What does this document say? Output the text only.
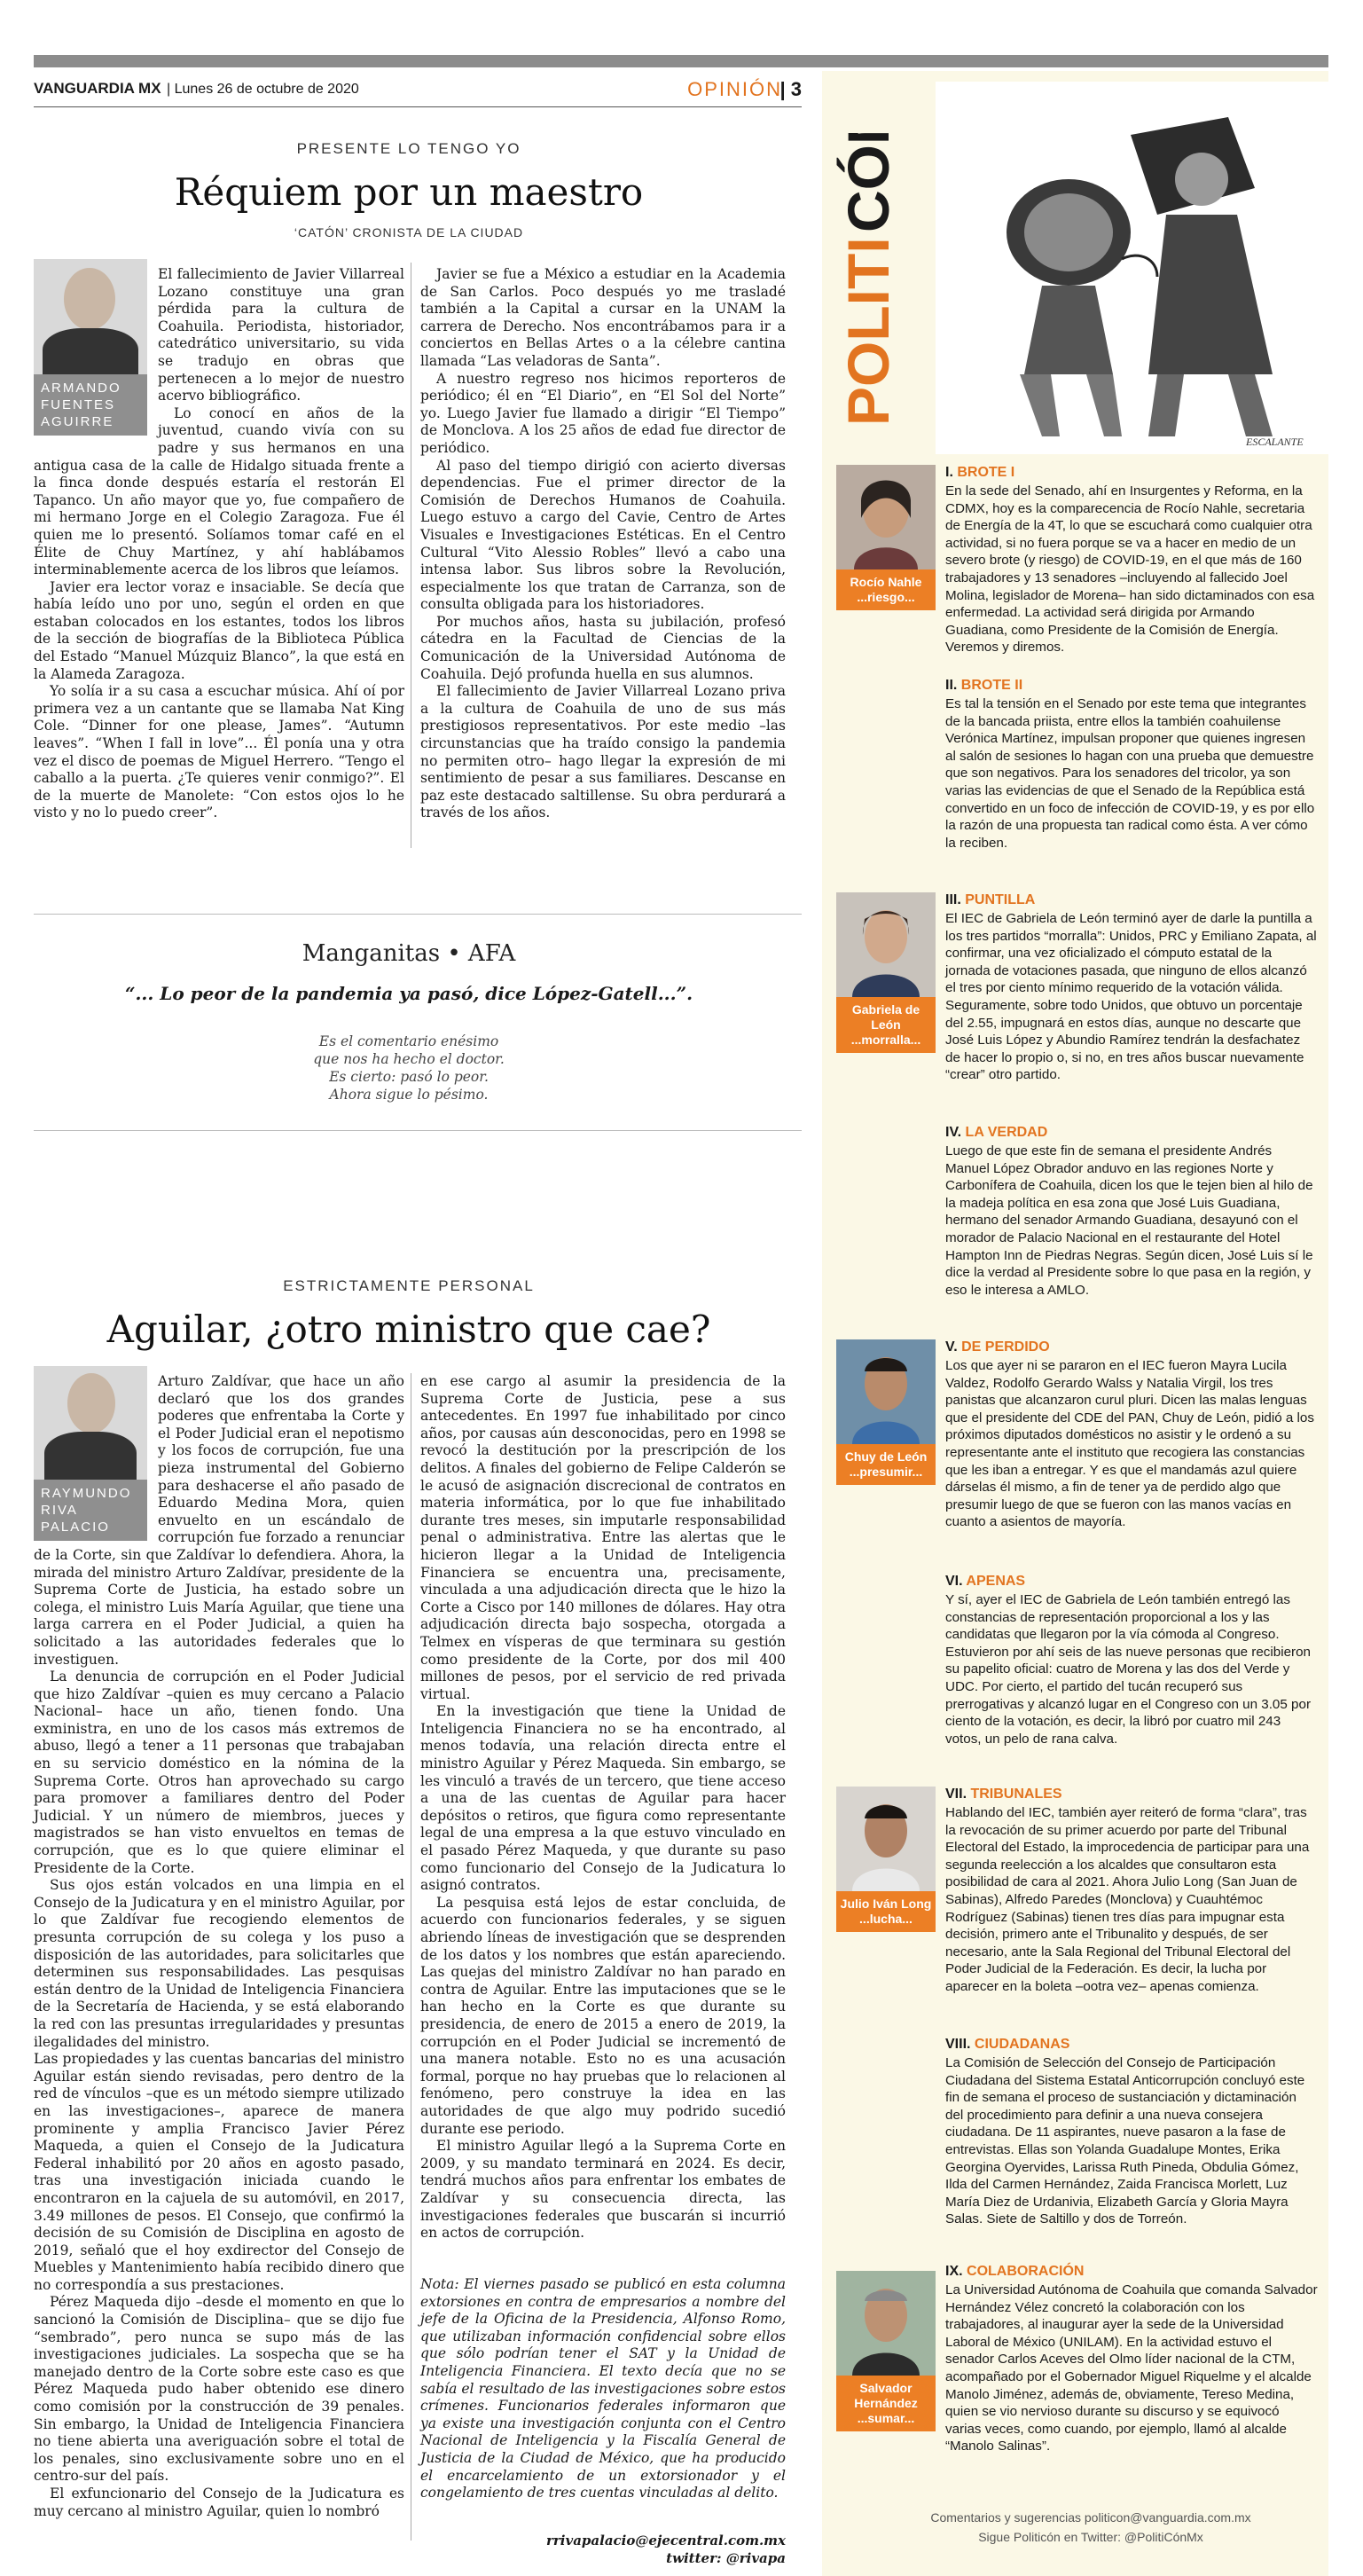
VANGUARDIA MX | Lunes 26 de octubre de 2020	OPINIÓN
| 3
PRESENTE LO TENGO YO
Réquiem por un maestro
‘CATÓN’ CRONISTA DE LA CIUDAD
ARMANDO FUENTES AGUIRRE

El fallecimiento de Javier Villarreal Lozano constituye una gran pérdida para la cultura de Coahuila. Periodista, historiador, catedrático universitario, su vida se tradujo en obras que pertenecen a lo mejor de nuestro acervo bibliográfico.

Lo conocí en años de la juventud, cuando vivía con su padre y sus hermanos en una antigua casa de la calle de Hidalgo situada frente a la finca donde después estaría el restorán El Tapanco. Un año mayor que yo, fue compañero de mi hermano Jorge en el Colegio Zaragoza. Fue él quien me lo presentó. Solíamos tomar café en el Élite de Chuy Martínez, y ahí hablábamos interminablemente acerca de los libros que leíamos.

Javier era lector voraz e insaciable. Se decía que había leído uno por uno, según el orden en que estaban colocados en los estantes, todos los libros de la sección de biografías de la Biblioteca Pública del Estado “Manuel Múzquiz Blanco”, la que está en la Alameda Zaragoza.

Yo solía ir a su casa a escuchar música. Ahí oí por primera vez a un cantante que se llamaba Nat King Cole. “Dinner for one please, James”. “Autumn leaves”. “When I fall in love”... Él ponía una y otra vez el disco de poemas de Miguel Herrero. “Tengo el caballo a la puerta. ¿Te quieres venir conmigo?”. El de la muerte de Manolete: “Con estos ojos lo he visto y no lo puedo creer”.

Javier se fue a México a estudiar en la Academia de San Carlos. Poco después yo me trasladé también a la Capital a cursar en la UNAM la carrera de Derecho. Nos encontrábamos para ir a conciertos en Bellas Artes o a la célebre cantina llamada “Las veladoras de Santa”.

A nuestro regreso nos hicimos reporteros de periódico; él en “El Diario”, en “El Sol del Norte” yo. Luego Javier fue llamado a dirigir “El Tiempo” de Monclova. A los 25 años de edad fue director de periódico.

Al paso del tiempo dirigió con acierto diversas dependencias. Fue el primer director de la Comisión de Derechos Humanos de Coahuila. Luego estuvo a cargo del Cavie, Centro de Artes Visuales e Investigaciones Estéticas. En el Centro Cultural “Vito Alessio Robles” llevó a cabo una intensa labor. Sus libros sobre la Revolución, especialmente los que tratan de Carranza, son de consulta obligada para los historiadores.

Por muchos años, hasta su jubilación, profesó cátedra en la Facultad de Ciencias de la Comunicación de la Universidad Autónoma de Coahuila. Dejó profunda huella en sus alumnos.

El fallecimiento de Javier Villarreal Lozano priva a la cultura de Coahuila de uno de sus más prestigiosos representativos. Por este medio –las circunstancias que ha traído consigo la pandemia no permiten otro– hago llegar la expresión de mi sentimiento de pesar a sus familiares. Descanse en paz este destacado saltillense. Su obra perdurará a través de los años.

Manganitas • AFA
“... Lo peor de la pandemia ya pasó, dice López-Gatell...”.
Es el comentario enésimo
que nos ha hecho el doctor.
Es cierto: pasó lo peor.
Ahora sigue lo pésimo.
ESTRICTAMENTE PERSONAL
Aguilar, ¿otro ministro que cae?
RAYMUNDO RIVA PALACIO

Arturo Zaldívar, que hace un año declaró que los dos grandes poderes que enfrentaba la Corte y el Poder Judicial eran el nepotismo y los focos de corrupción, fue una pieza instrumental del Gobierno para deshacerse el año pasado de Eduardo Medina Mora, quien envuelto en un escándalo de corrupción fue forzado a renunciar de la Corte, sin que Zaldívar lo defendiera. Ahora, la mirada del ministro Arturo Zaldívar, presidente de la Suprema Corte de Justicia, ha estado sobre un colega, el ministro Luis María Aguilar, que tiene una larga carrera en el Poder Judicial, a quien ha solicitado a las autoridades federales que lo investiguen.

La denuncia de corrupción en el Poder Judicial que hizo Zaldívar –quien es muy cercano a Palacio Nacional– hace un año, tienen fondo. Una exministra, en uno de los casos más extremos de abuso, llegó a tener a 11 personas que trabajaban en su servicio doméstico en la nómina de la Suprema Corte. Otros han aprovechado su cargo para promover a familiares dentro del Poder Judicial. Y un número de miembros, jueces y magistrados se han visto envueltos en temas de corrupción, que es lo que quiere eliminar el Presidente de la Corte.

Sus ojos están volcados en una limpia en el Consejo de la Judicatura y en el ministro Aguilar, por lo que Zaldívar fue recogiendo elementos de presunta corrupción de su colega y los puso a disposición de las autoridades, para solicitarles que determinen sus responsabilidades. Las pesquisas están dentro de la Unidad de Inteligencia Financiera de la Secretaría de Hacienda, y se está elaborando la red con las presuntas irregularidades y presuntas ilegalidades del ministro.

Las propiedades y las cuentas bancarias del ministro Aguilar están siendo revisadas, pero dentro de la red de vínculos –que es un método siempre utilizado en las investigaciones–, aparece de manera prominente y amplia Francisco Javier Pérez Maqueda, a quien el Consejo de la Judicatura Federal inhabilitó por 20 años en agosto pasado, tras una investigación iniciada cuando le encontraron en la cajuela de su automóvil, en 2017, 3.49 millones de pesos. El Consejo, que confirmó la decisión de su Comisión de Disciplina en agosto de 2019, señaló que el hoy exdirector del Consejo de Muebles y Mantenimiento había recibido dinero que no correspondía a sus prestaciones.

Pérez Maqueda dijo –desde el momento en que lo sancionó la Comisión de Disciplina– que se dijo fue “sembrado”, pero nunca se supo más de las investigaciones judiciales. La sospecha que se ha manejado dentro de la Corte sobre este caso es que Pérez Maqueda pudo haber obtenido ese dinero como comisión por la construcción de 39 penales. Sin embargo, la Unidad de Inteligencia Financiera no tiene abierta una averiguación sobre el total de los penales, sino exclusivamente sobre uno en el centro-sur del país.

El exfuncionario del Consejo de la Judicatura es muy cercano al ministro Aguilar, quien lo nombró

en ese cargo al asumir la presidencia de la Suprema Corte de Justicia, pese a sus antecedentes. En 1997 fue inhabilitado por cinco años, por causas aún desconocidas, pero en 1998 se revocó la destitución por la prescripción de los delitos. A finales del gobierno de Felipe Calderón se le acusó de asignación discrecional de contratos en materia informática, por lo que fue inhabilitado durante tres meses, sin imputarle responsabilidad penal o administrativa. Entre las alertas que le hicieron llegar a la Unidad de Inteligencia Financiera se encuentra una, precisamente, vinculada a una adjudicación directa que le hizo la Corte a Cisco por 140 millones de dólares. Hay otra adjudicación directa bajo sospecha, otorgada a Telmex en vísperas de que terminara su gestión como presidente de la Corte, por dos mil 400 millones de pesos, por el servicio de red privada virtual.

En la investigación que tiene la Unidad de Inteligencia Financiera no se ha encontrado, al menos todavía, una relación directa entre el ministro Aguilar y Pérez Maqueda. Sin embargo, se les vinculó a través de un tercero, que tiene acceso a una de las cuentas de Aguilar para hacer depósitos o retiros, que figura como representante legal de una empresa a la que estuvo vinculado en el pasado Pérez Maqueda, y que durante su paso como funcionario del Consejo de la Judicatura lo asignó contratos.

La pesquisa está lejos de estar concluida, de acuerdo con funcionarios federales, y se siguen abriendo líneas de investigación que se desprenden de los datos y los nombres que están apareciendo. Las quejas del ministro Zaldívar no han parado en contra de Aguilar. Entre las imputaciones que se le han hecho en la Corte es que durante su presidencia, de enero de 2015 a enero de 2019, la corrupción en el Poder Judicial se incrementó de una manera notable. Esto no es una acusación formal, porque no hay pruebas que lo relacionen al fenómeno, pero construye la idea en las autoridades de que algo muy podrido sucedió durante ese periodo.

El ministro Aguilar llegó a la Suprema Corte en 2009, y su mandato terminará en 2024. Es decir, tendrá muchos años para enfrentar los embates de Zaldívar y su consecuencia directa, las investigaciones federales que buscarán si incurrió en actos de corrupción.

Nota: El viernes pasado se publicó en esta columna extorsiones en contra de empresarios a nombre del jefe de la Oficina de la Presidencia, Alfonso Romo, que utilizaban información confidencial sobre ellos que sólo podrían tener el SAT y la Unidad de Inteligencia Financiera. El texto decía que no se sabía el resultado de las investigaciones sobre estos crímenes. Funcionarios federales informaron que ya existe una investigación conjunta con el Centro Nacional de Inteligencia y la Fiscalía General de Justicia de la Ciudad de México, que ha producido el encarcelamiento de un extorsionador y el congelamiento de tres cuentas vinculadas al delito.
rrivapalacio@ejecentral.com.mx
twitter: @rivapa
POLITI
CÓN
ESCALANTE
Rocío Nahle ...riesgo...
I. BROTE I
En la sede del Senado, ahí en Insurgentes y Reforma, en la CDMX, hoy es la comparecencia de Rocío Nahle, secretaria de Energía de la 4T, lo que se escuchará como cualquier otra actividad, si no fuera porque se va a hacer en medio de un severo brote (y riesgo) de COVID-19, en el que más de 160 trabajadores y 13 senadores –incluyendo al fallecido Joel Molina, legislador de Morena– han sido dictaminados con esa enfermedad. La actividad será dirigida por Armando Guadiana, como Presidente de la Comisión de Energía. Veremos y diremos.
II. BROTE II
Es tal la tensión en el Senado por este tema que integrantes de la bancada priista, entre ellos la también coahuilense Verónica Martínez, impulsan proponer que quienes ingresen al salón de sesiones lo hagan con una prueba que demuestre que son negativos. Para los senadores del tricolor, ya son varias las evidencias de que el Senado de la República está convertido en un foco de infección de COVID-19, y es por ello la razón de una propuesta tan radical como ésta. A ver cómo la reciben.
Gabriela de León ...morralla...
III. PUNTILLA
El IEC de Gabriela de León terminó ayer de darle la puntilla a los tres partidos “morralla”: Unidos, PRC y Emiliano Zapata, al confirmar, una vez oficializado el cómputo estatal de la jornada de votaciones pasada, que ninguno de ellos alcanzó el tres por ciento mínimo requerido de la votación válida. Seguramente, sobre todo Unidos, que obtuvo un porcentaje del 2.55, impugnará en estos días, aunque no descarte que José Luis López y Abundio Ramírez tendrán la desfachatez de hacer lo propio o, si no, en tres años buscar nuevamente “crear” otro partido.
IV. LA VERDAD
Luego de que este fin de semana el presidente Andrés Manuel López Obrador anduvo en las regiones Norte y Carbonífera de Coahuila, dicen los que le tejen bien al hilo de la madeja política en esa zona que José Luis Guadiana, hermano del senador Armando Guadiana, desayunó con el morador de Palacio Nacional en el restaurante del Hotel Hampton Inn de Piedras Negras. Según dicen, José Luis sí le dice la verdad al Presidente sobre lo que pasa en la región, y eso le interesa a AMLO.
Chuy de León ...presumir...
V. DE PERDIDO
Los que ayer ni se pararon en el IEC fueron Mayra Lucila Valdez, Rodolfo Gerardo Walss y Natalia Virgil, los tres panistas que alcanzaron curul pluri. Dicen las malas lenguas que el presidente del CDE del PAN, Chuy de León, pidió a los próximos diputados domésticos no asistir y le ordenó a su representante ante el instituto que recogiera las constancias que les iban a entregar. Y es que el mandamás azul quiere dárselas él mismo, a fin de tener ya de perdido algo que presumir luego de que se fueron con las manos vacías en cuanto a asientos de mayoría.
VI. APENAS
Y sí, ayer el IEC de Gabriela de León también entregó las constancias de representación proporcional a los y las candidatas que llegaron por la vía cómoda al Congreso. Estuvieron por ahí seis de las nueve personas que recibieron su papelito oficial: cuatro de Morena y las dos del Verde y UDC. Por cierto, el partido del tucán recuperó sus prerrogativas y alcanzó lugar en el Congreso con un 3.05 por ciento de la votación, es decir, la libró por cuatro mil 243 votos, un pelo de rana calva.
Julio Iván Long ...lucha...
VII. TRIBUNALES
Hablando del IEC, también ayer reiteró de forma “clara”, tras la revocación de su primer acuerdo por parte del Tribunal Electoral del Estado, la improcedencia de participar para una segunda reelección a los alcaldes que consultaron esta posibilidad de cara al 2021. Ahora Julio Long (San Juan de Sabinas), Alfredo Paredes (Monclova) y Cuauhtémoc Rodríguez (Sabinas) tienen tres días para impugnar esta decisión, primero ante el Tribunalito y después, de ser necesario, ante la Sala Regional del Tribunal Electoral del Poder Judicial de la Federación. Es decir, la lucha por aparecer en la boleta –ootra vez– apenas comienza.
VIII. CIUDADANAS
La Comisión de Selección del Consejo de Participación Ciudadana del Sistema Estatal Anticorrupción concluyó este fin de semana el proceso de sustanciación y dictaminación del procedimiento para definir a una nueva consejera ciudadana. De 11 aspirantes, nueve pasaron a la fase de entrevistas. Ellas son Yolanda Guadalupe Montes, Erika Georgina Oyervides, Larissa Ruth Pineda, Obdulia Gómez, Ilda del Carmen Hernández, Zaida Francisca Morlett, Luz María Diez de Urdanivia, Elizabeth García y Gloria Mayra Salas. Siete de Saltillo y dos de Torreón.
Salvador Hernández ...sumar...
IX. COLABORACIÓN
La Universidad Autónoma de Coahuila que comanda Salvador Hernández Vélez concretó la colaboración con los trabajadores, al inaugurar ayer la sede de la Universidad Laboral de México (UNILAM). En la actividad estuvo el senador Carlos Aceves del Olmo líder nacional de la CTM, acompañado por el Gobernador Miguel Riquelme y el alcalde Manolo Jiménez, además de, obviamente, Tereso Medina, quien se vio nervioso durante su discurso y se equivocó varias veces, como cuando, por ejemplo, llamó al alcalde “Manolo Salinas”.
Comentarios y sugerencias politicon@vanguardia.com.mx
Sigue Politicón en Twitter: @PolitiCónMx
